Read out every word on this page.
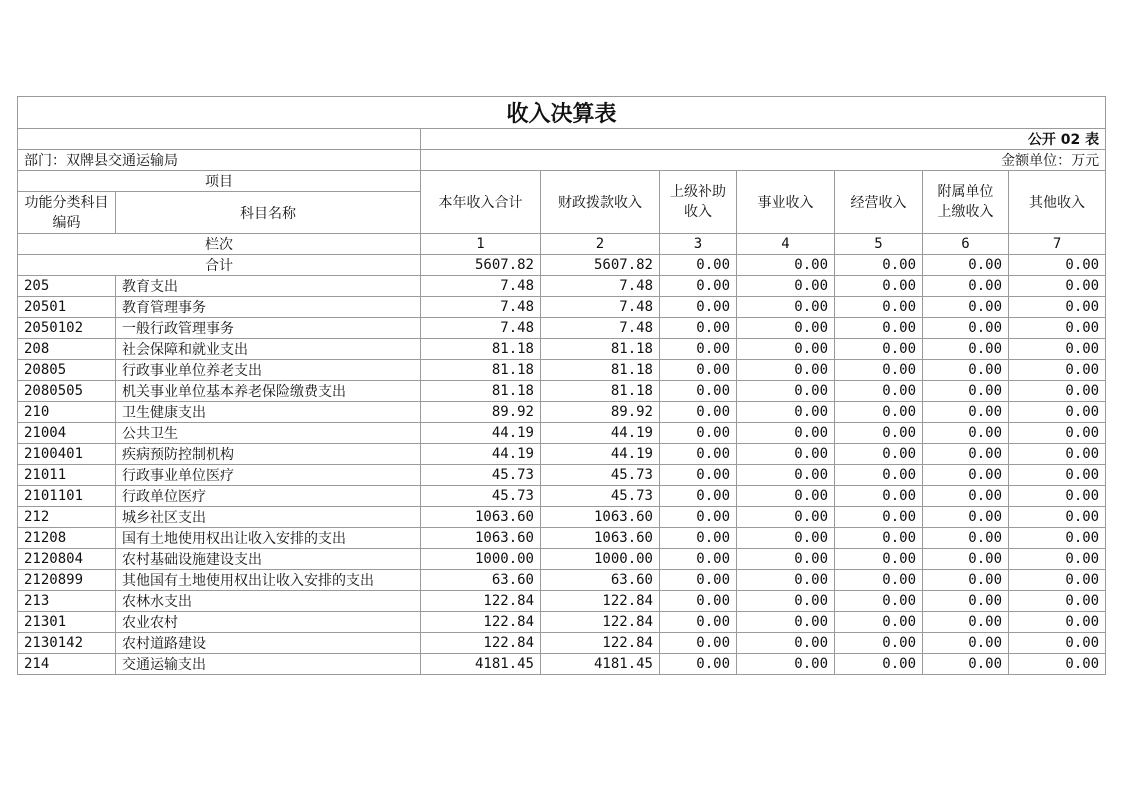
收入决算表								
		公开 02 表						
部门：双牌县交通运输局		金额单位：万元						
项目		本年收入合计	财政拨款收入	上级补助收入	事业收入	经营收入	附属单位上缴收入	其他收入
功能分类科目编码	科目名称							
栏次		1	2	3	4	5	6	7
合计		5607.82	5607.82	0.00	0.00	0.00	0.00	0.00
205	教育支出	7.48	7.48	0.00	0.00	0.00	0.00	0.00
20501	教育管理事务	7.48	7.48	0.00	0.00	0.00	0.00	0.00
2050102	一般行政管理事务	7.48	7.48	0.00	0.00	0.00	0.00	0.00
208	社会保障和就业支出	81.18	81.18	0.00	0.00	0.00	0.00	0.00
20805	行政事业单位养老支出	81.18	81.18	0.00	0.00	0.00	0.00	0.00
2080505	机关事业单位基本养老保险缴费支出	81.18	81.18	0.00	0.00	0.00	0.00	0.00
210	卫生健康支出	89.92	89.92	0.00	0.00	0.00	0.00	0.00
21004	公共卫生	44.19	44.19	0.00	0.00	0.00	0.00	0.00
2100401	疾病预防控制机构	44.19	44.19	0.00	0.00	0.00	0.00	0.00
21011	行政事业单位医疗	45.73	45.73	0.00	0.00	0.00	0.00	0.00
2101101	行政单位医疗	45.73	45.73	0.00	0.00	0.00	0.00	0.00
212	城乡社区支出	1063.60	1063.60	0.00	0.00	0.00	0.00	0.00
21208	国有土地使用权出让收入安排的支出	1063.60	1063.60	0.00	0.00	0.00	0.00	0.00
2120804	农村基础设施建设支出	1000.00	1000.00	0.00	0.00	0.00	0.00	0.00
2120899	其他国有土地使用权出让收入安排的支出	63.60	63.60	0.00	0.00	0.00	0.00	0.00
213	农林水支出	122.84	122.84	0.00	0.00	0.00	0.00	0.00
21301	农业农村	122.84	122.84	0.00	0.00	0.00	0.00	0.00
2130142	农村道路建设	122.84	122.84	0.00	0.00	0.00	0.00	0.00
214	交通运输支出	4181.45	4181.45	0.00	0.00	0.00	0.00	0.00
